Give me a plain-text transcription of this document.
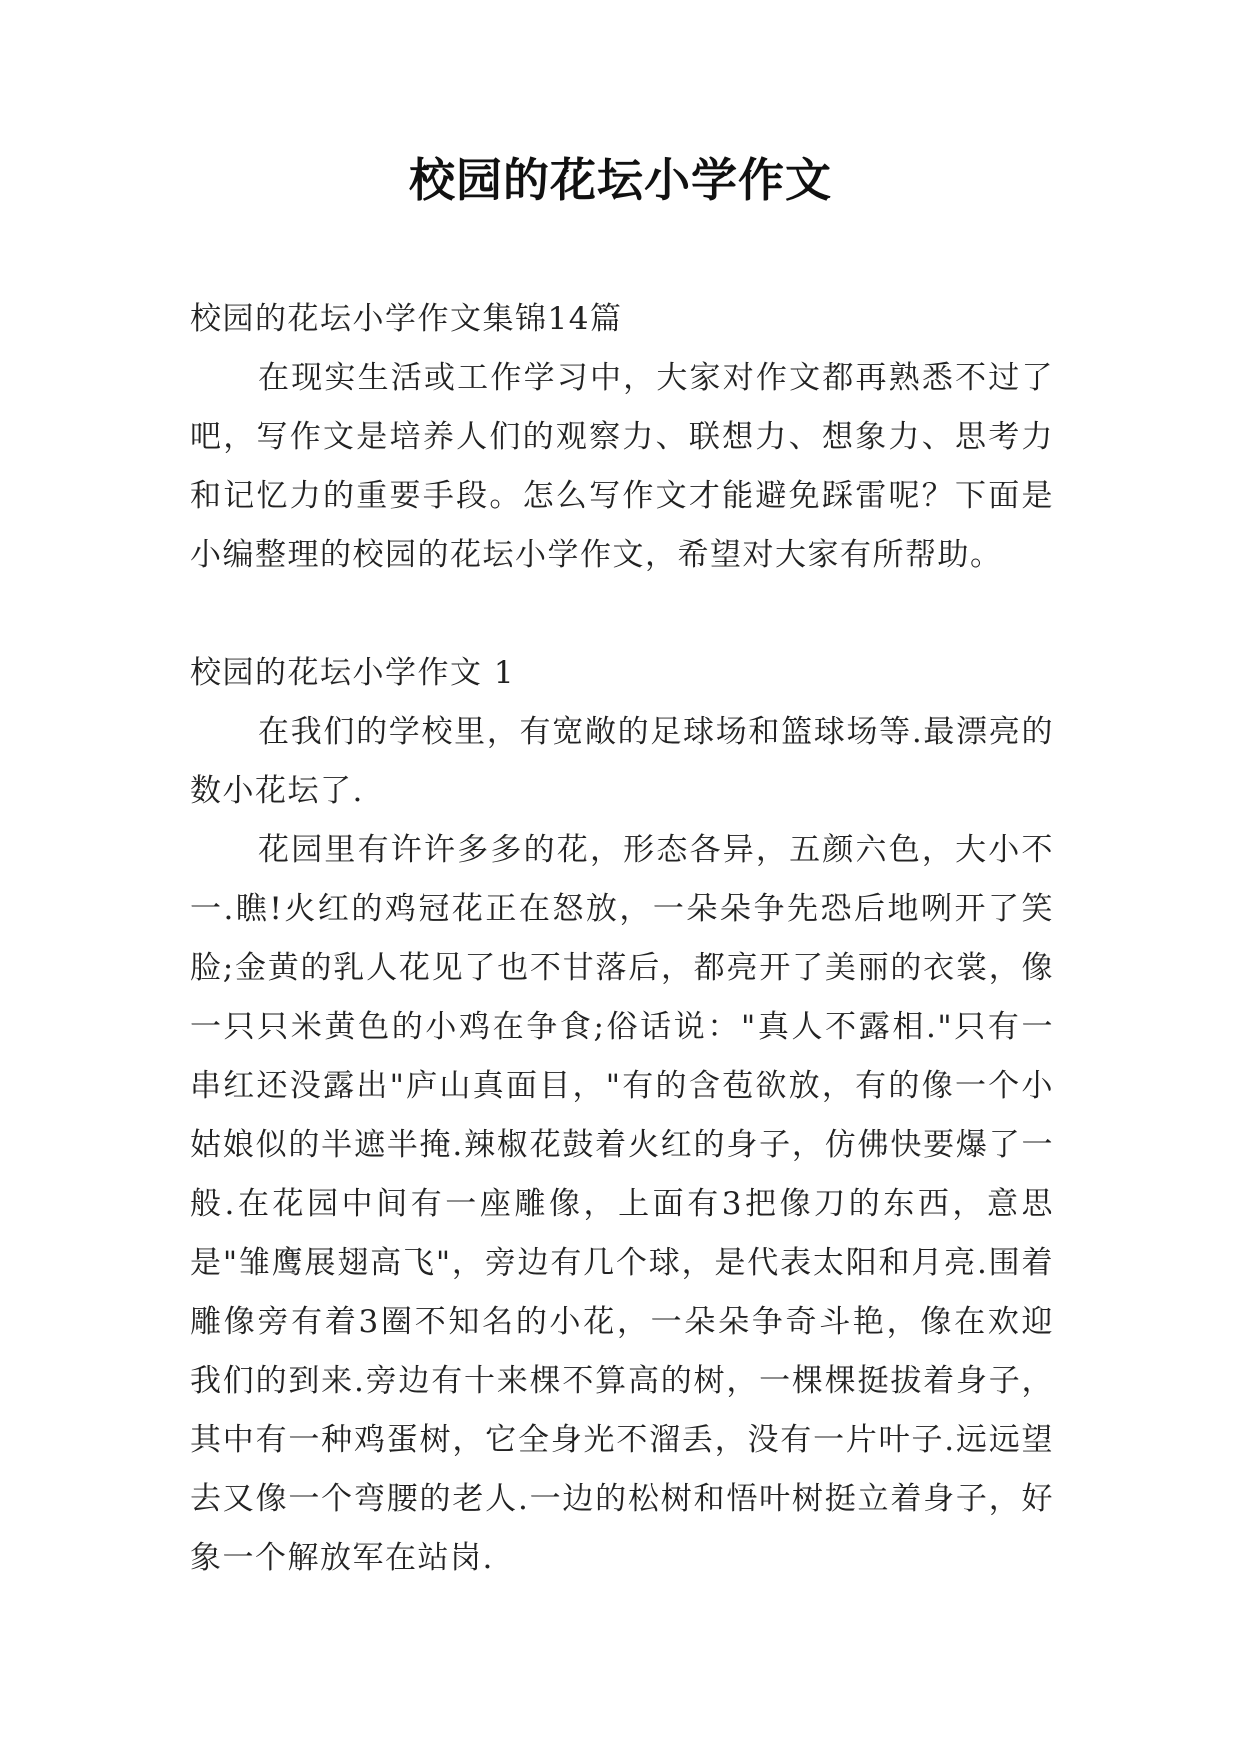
校园的花坛小学作文

校园的花坛小学作文集锦14篇

在现实生活或工作学习中，大家对作文都再熟悉不过了吧，写作文是培养人们的观察力、联想力、想象力、思考力和记忆力的重要手段。怎么写作文才能避免踩雷呢？下面是小编整理的校园的花坛小学作文，希望对大家有所帮助。

校园的花坛小学作文 1

在我们的学校里，有宽敞的足球场和篮球场等.最漂亮的数小花坛了.

花园里有许许多多的花，形态各异，五颜六色，大小不一.瞧!火红的鸡冠花正在怒放，一朵朵争先恐后地咧开了笑脸;金黄的乳人花见了也不甘落后，都亮开了美丽的衣裳，像一只只米黄色的小鸡在争食;俗话说："真人不露相."只有一串红还没露出"庐山真面目，"有的含苞欲放，有的像一个小姑娘似的半遮半掩.辣椒花鼓着火红的身子，仿佛快要爆了一般.在花园中间有一座雕像，上面有3把像刀的东西，意思是"雏鹰展翅高飞"，旁边有几个球，是代表太阳和月亮.围着雕像旁有着3圈不知名的小花，一朵朵争奇斗艳，像在欢迎我们的到来.旁边有十来棵不算高的树，一棵棵挺拔着身子，其中有一种鸡蛋树，它全身光不溜丢，没有一片叶子.远远望去又像一个弯腰的老人.一边的松树和悟叶树挺立着身子，好象一个解放军在站岗.
